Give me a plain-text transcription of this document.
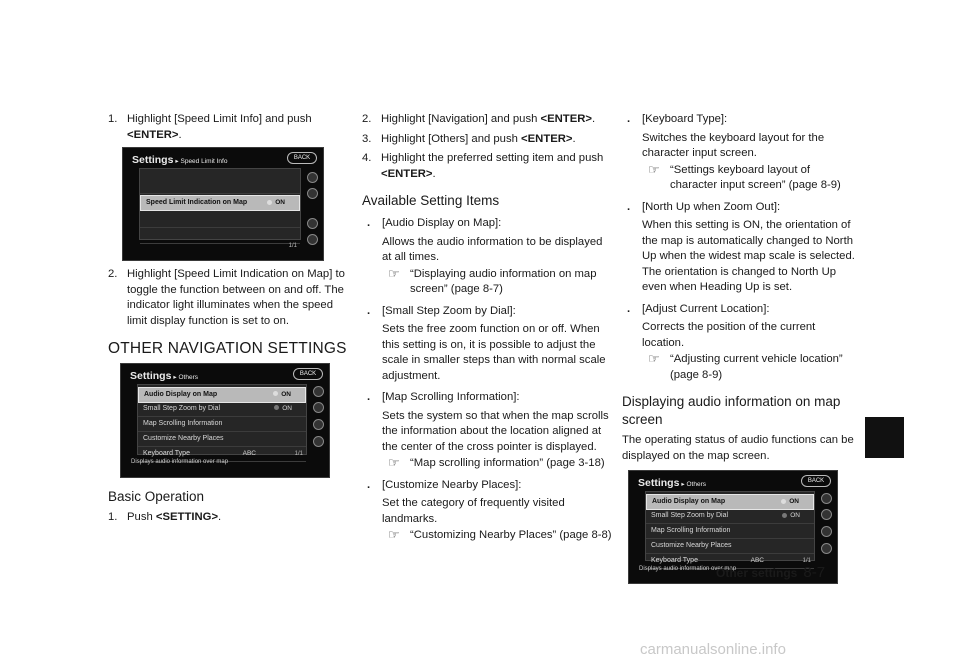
1. Highlight [Speed Limit Info] and push <ENTER>.
Settings ▸ Speed Limit Info	BACK
Speed Limit Indication on Map	ON
1/1
2. Highlight [Speed Limit Indication on Map] to toggle the function between on and off. The indicator light illuminates when the speed limit display function is set to on.
OTHER NAVIGATION SETTINGS
Settings ▸ Others	BACK
Audio Display on Map	ON
Small Step Zoom by Dial	ON
Map Scrolling Information
Customize Nearby Places
Keyboard Type	ABC	1/1
Displays audio information over map
Basic Operation
1. Push <SETTING>.
2. Highlight [Navigation] and push <ENTER>.
3. Highlight [Others] and push <ENTER>.
4. Highlight the preferred setting item and push <ENTER>.
Available Setting Items
. [Audio Display on Map]:
Allows the audio information to be displayed at all times.
☞ “Displaying audio information on map screen” (page 8-7)
. [Small Step Zoom by Dial]:
Sets the free zoom function on or off. When this setting is on, it is possible to adjust the scale in smaller steps than with normal scale adjustment.
. [Map Scrolling Information]:
Sets the system so that when the map scrolls the information about the location aligned at the center of the cross pointer is displayed.
☞ “Map scrolling information” (page 3-18)
. [Customize Nearby Places]:
Set the category of frequently visited landmarks.
☞ “Customizing Nearby Places” (page 8-8)
. [Keyboard Type]:
Switches the keyboard layout for the character input screen.
☞ “Settings keyboard layout of character input screen” (page 8-9)
. [North Up when Zoom Out]:
When this setting is ON, the orientation of the map is automatically changed to North Up when the widest map scale is selected. The orientation is changed to North Up even when Heading Up is set.
. [Adjust Current Location]:
Corrects the position of the current location.
☞ “Adjusting current vehicle location” (page 8-9)
Displaying audio information on map screen
The operating status of audio functions can be displayed on the map screen.
Settings ▸ Others	BACK
Audio Display on Map	ON
Small Step Zoom by Dial	ON
Map Scrolling Information
Customize Nearby Places
Keyboard Type	ABC	1/1
Displays audio information over map
Other settings 8-7
carmanualsonline.info
